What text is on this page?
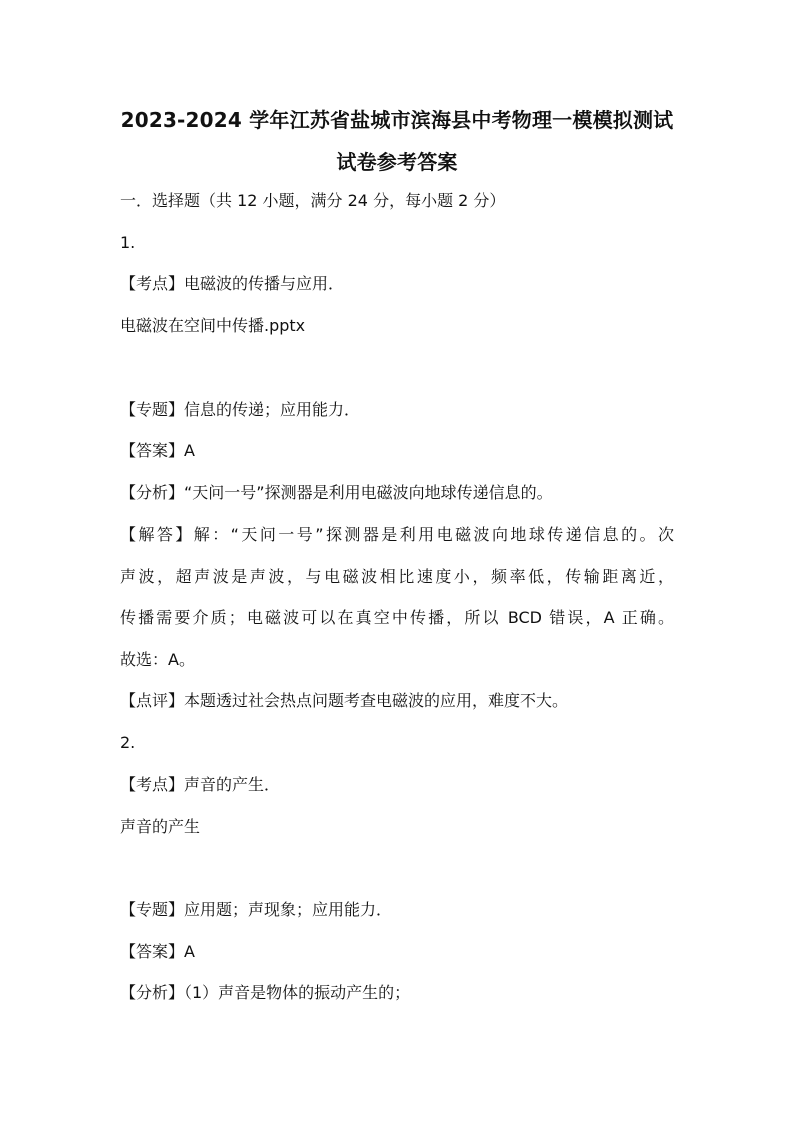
2023-2024 学年江苏省盐城市滨海县中考物理一模模拟测试
试卷参考答案
一．选择题（共 12 小题，满分 24 分，每小题 2 分）
1.
【考点】电磁波的传播与应用．
电磁波在空间中传播.pptx
【专题】信息的传递；应用能力．
【答案】A
【分析】“天问一号”探测器是利用电磁波向地球传递信息的。
【解答】解：“天问一号”探测器是利用电磁波向地球传递信息的。次
声波，超声波是声波，与电磁波相比速度小，频率低，传输距离近，
传播需要介质；电磁波可以在真空中传播，所以 BCD 错误，A 正确。
故选：A。
【点评】本题透过社会热点问题考查电磁波的应用，难度不大。
2.
【考点】声音的产生．
声音的产生
【专题】应用题；声现象；应用能力．
【答案】A
【分析】（1）声音是物体的振动产生的；
